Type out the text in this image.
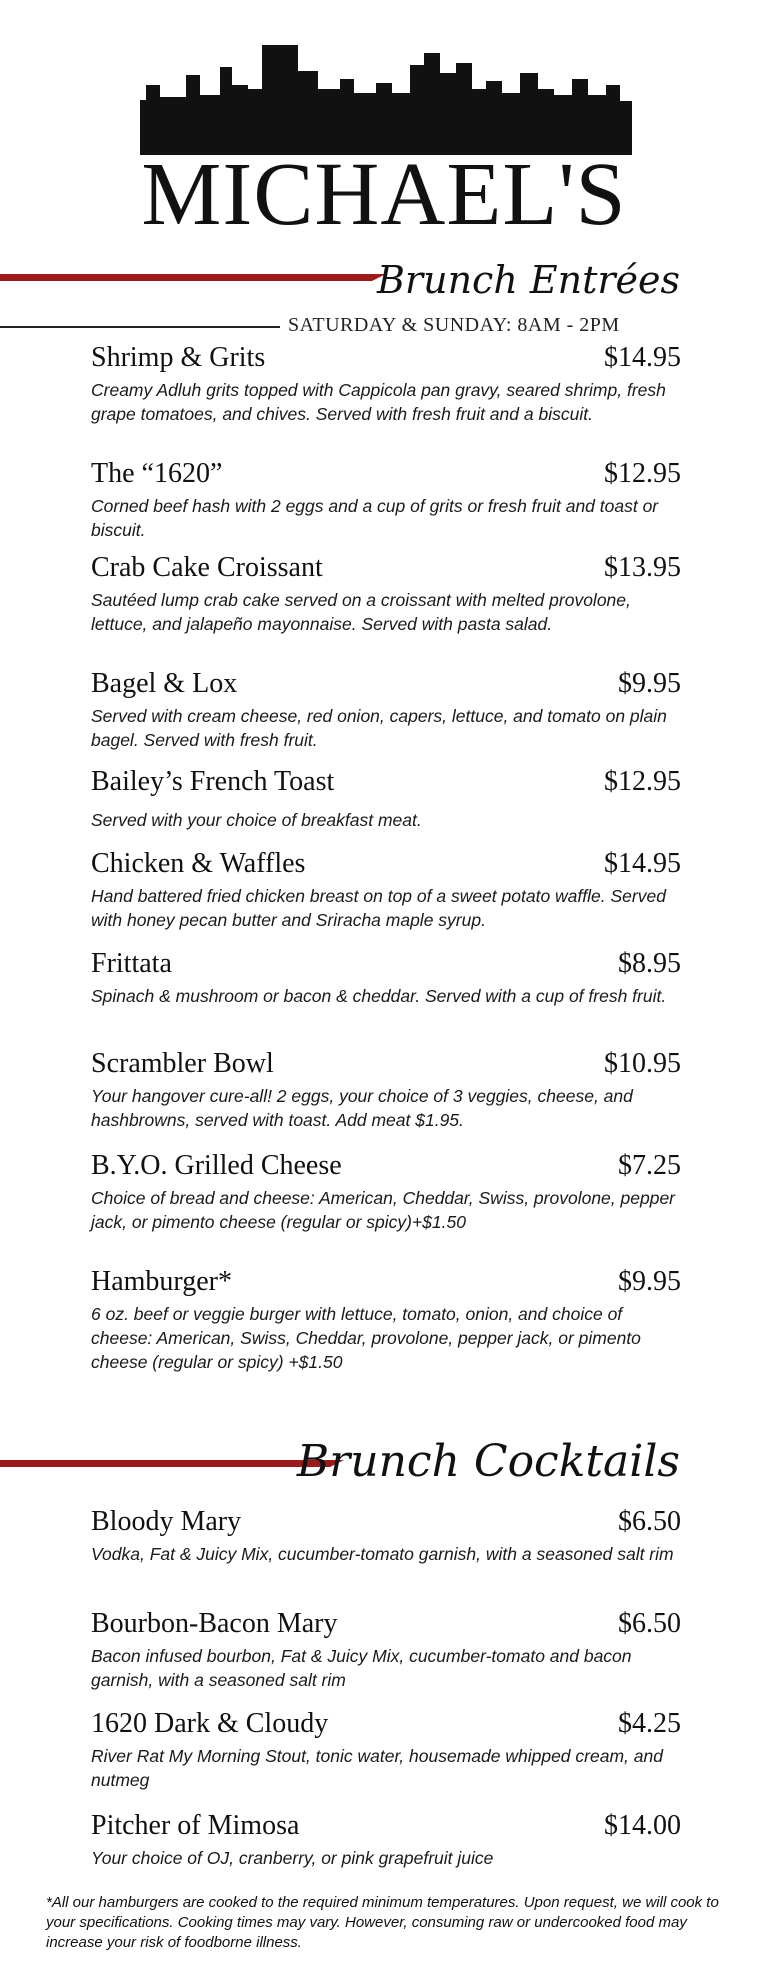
MICHAEL'S
Brunch Entrées
SATURDAY & SUNDAY: 8AM - 2PM
Shrimp & Grits	$14.95
Creamy Adluh grits topped with Cappicola pan gravy, seared shrimp, fresh grape tomatoes, and chives. Served with fresh fruit and a biscuit.
The “1620”	$12.95
Corned beef hash with 2 eggs and a cup of grits or fresh fruit and toast or biscuit.
Crab Cake Croissant	$13.95
Sautéed lump crab cake served on a croissant with melted provolone, lettuce, and jalapeño mayonnaise. Served with pasta salad.
Bagel & Lox	$9.95
Served with cream cheese, red onion, capers, lettuce, and tomato on plain bagel. Served with fresh fruit.
Bailey’s French Toast	$12.95
Served with your choice of breakfast meat.
Chicken & Waffles	$14.95
Hand battered fried chicken breast on top of a sweet potato waffle. Served with honey pecan butter and Sriracha maple syrup.
Frittata	$8.95
Spinach & mushroom or bacon & cheddar. Served with a cup of fresh fruit.
Scrambler Bowl	$10.95
Your hangover cure-all! 2 eggs, your choice of 3 veggies, cheese, and hashbrowns, served with toast. Add meat $1.95.
B.Y.O. Grilled Cheese	$7.25
Choice of bread and cheese: American, Cheddar, Swiss, provolone, pepper jack, or pimento cheese (regular or spicy)+$1.50
Hamburger*	$9.95
6 oz. beef or veggie burger with lettuce, tomato, onion, and choice of cheese: American, Swiss, Cheddar, provolone, pepper jack, or pimento cheese (regular or spicy) +$1.50
Brunch Cocktails
Bloody Mary	$6.50
Vodka, Fat & Juicy Mix, cucumber-tomato garnish, with a seasoned salt rim
Bourbon-Bacon Mary	$6.50
Bacon infused bourbon, Fat & Juicy Mix, cucumber-tomato and bacon garnish, with a seasoned salt rim
1620 Dark & Cloudy	$4.25
River Rat My Morning Stout, tonic water, housemade whipped cream, and nutmeg
Pitcher of Mimosa	$14.00
Your choice of OJ, cranberry, or pink grapefruit juice
*All our hamburgers are cooked to the required minimum temperatures. Upon request, we will cook to your specifications. Cooking times may vary. However, consuming raw or undercooked food may increase your risk of foodborne illness.
